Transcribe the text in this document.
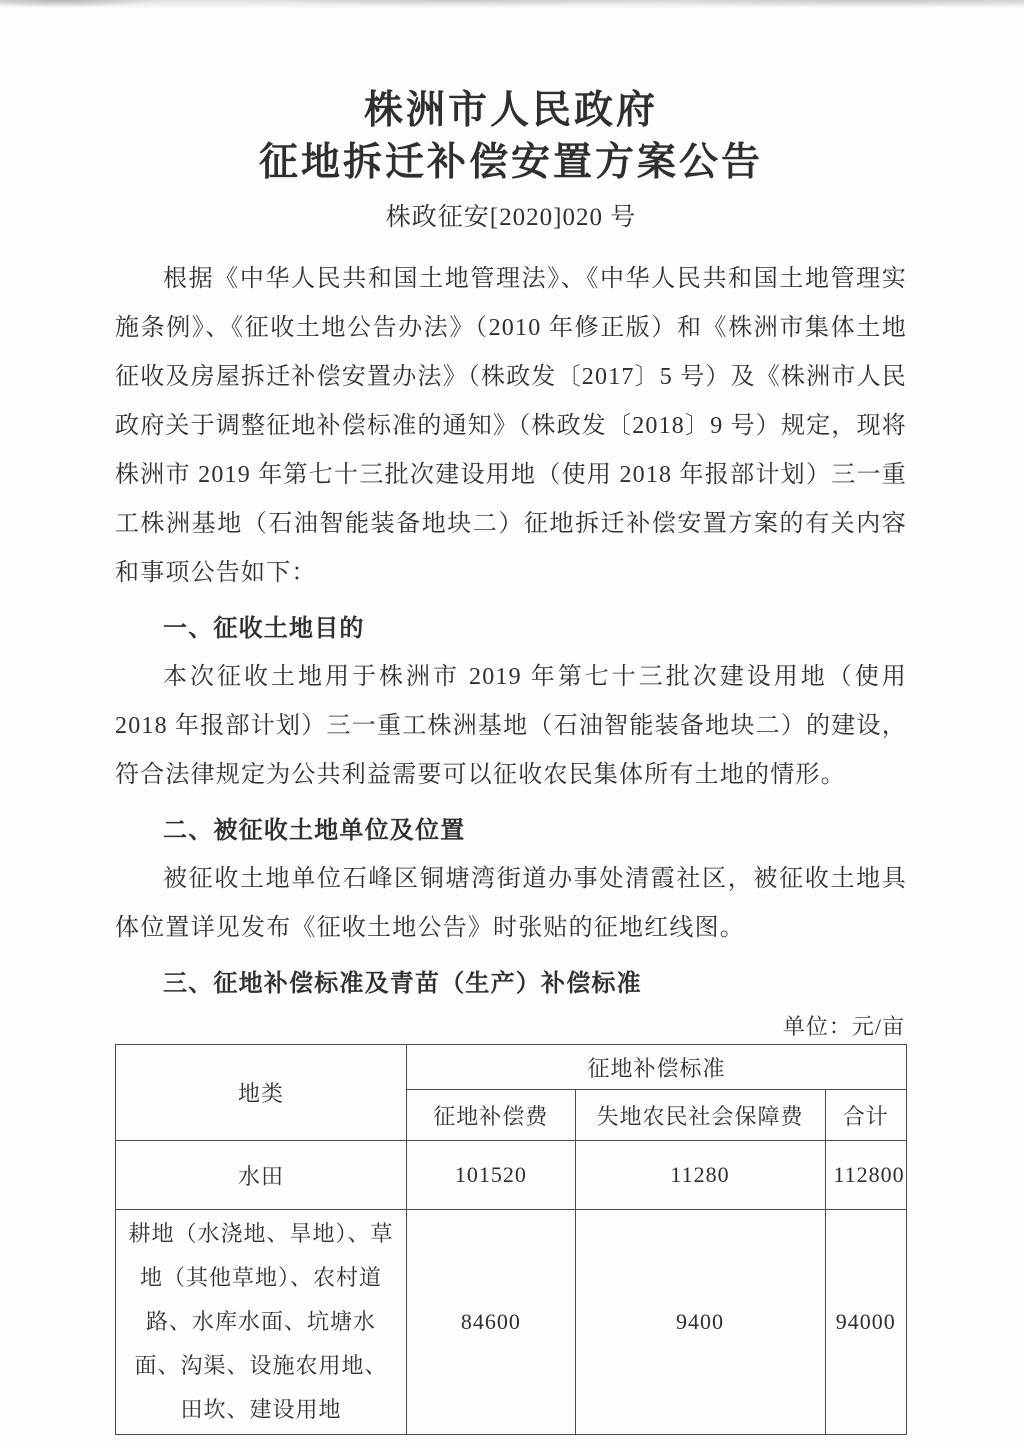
株洲市人民政府
征地拆迁补偿安置方案公告
株政征安[2020]020 号

根据《中华人民共和国土地管理法》、《中华人民共和国土地管理实施条例》、《征收土地公告办法》（2010 年修正版）和《株洲市集体土地征收及房屋拆迁补偿安置办法》（株政发〔2017〕5 号）及《株洲市人民政府关于调整征地补偿标准的通知》（株政发〔2018〕9 号）规定，现将株洲市 2019 年第七十三批次建设用地（使用 2018 年报部计划）三一重工株洲基地（石油智能装备地块二）征地拆迁补偿安置方案的有关内容和事项公告如下：

一、征收土地目的

本次征收土地用于株洲市 2019 年第七十三批次建设用地（使用 2018 年报部计划）三一重工株洲基地（石油智能装备地块二）的建设，符合法律规定为公共利益需要可以征收农民集体所有土地的情形。

二、被征收土地单位及位置

被征收土地单位石峰区铜塘湾街道办事处清霞社区，被征收土地具体位置详见发布《征收土地公告》时张贴的征地红线图。

三、征地补偿标准及青苗（生产）补偿标准
单位：元/亩
地类	征地补偿标准		
	征地补偿费	失地农民社会保障费	合计
水田	101520	11280	112800
耕地（水浇地、旱地）、草地（其他草地）、农村道路、水库水面、坑塘水面、沟渠、设施农用地、田坎、建设用地	84600	9400	94000
